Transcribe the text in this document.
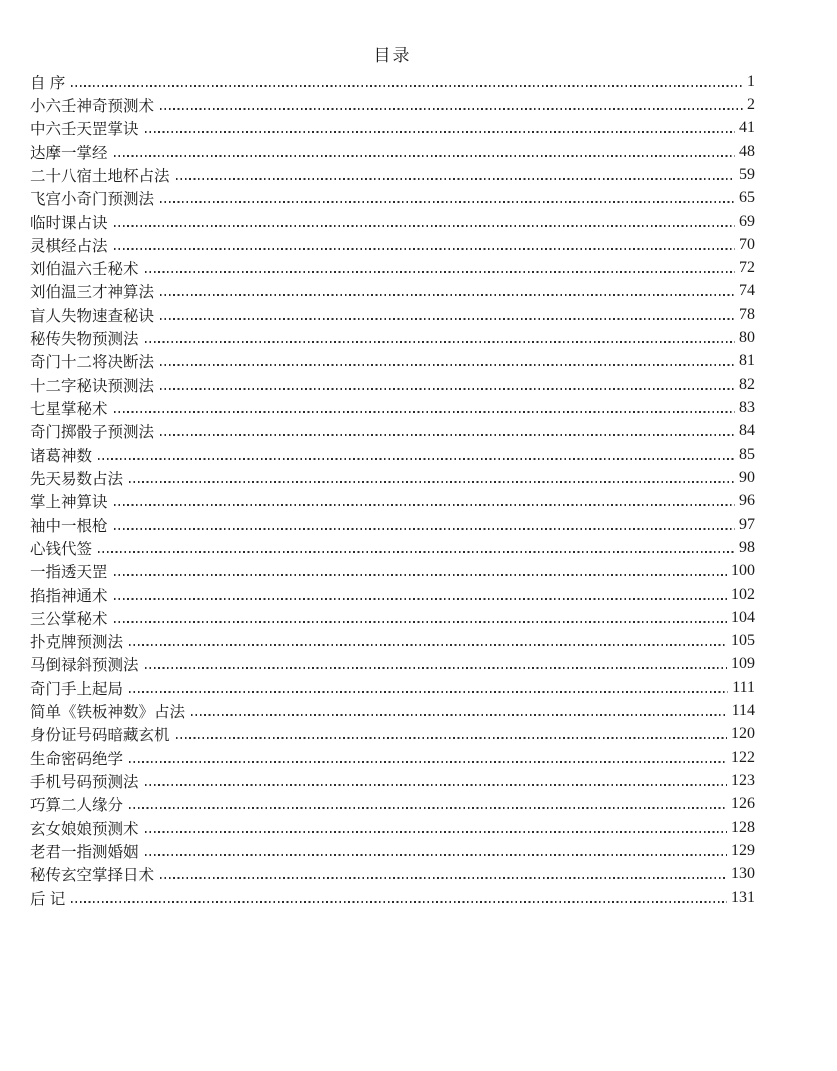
目录
自 序	1
小六壬神奇预测术	2
中六壬天罡掌诀	41
达摩一掌经	48
二十八宿土地杯占法	59
飞宫小奇门预测法	65
临时课占诀	69
灵棋经占法	70
刘伯温六壬秘术	72
刘伯温三才神算法	74
盲人失物速查秘诀	78
秘传失物预测法	80
奇门十二将决断法	81
十二字秘诀预测法	82
七星掌秘术	83
奇门掷骰子预测法	84
诸葛神数	85
先天易数占法	90
掌上神算诀	96
袖中一根枪	97
心钱代签	98
一指透天罡	100
掐指神通术	102
三公掌秘术	104
扑克牌预测法	105
马倒禄斜预测法	109
奇门手上起局	111
简单《铁板神数》占法	114
身份证号码暗藏玄机	120
生命密码绝学	122
手机号码预测法	123
巧算二人缘分	126
玄女娘娘预测术	128
老君一指测婚姻	129
秘传玄空掌择日术	130
后 记	131
